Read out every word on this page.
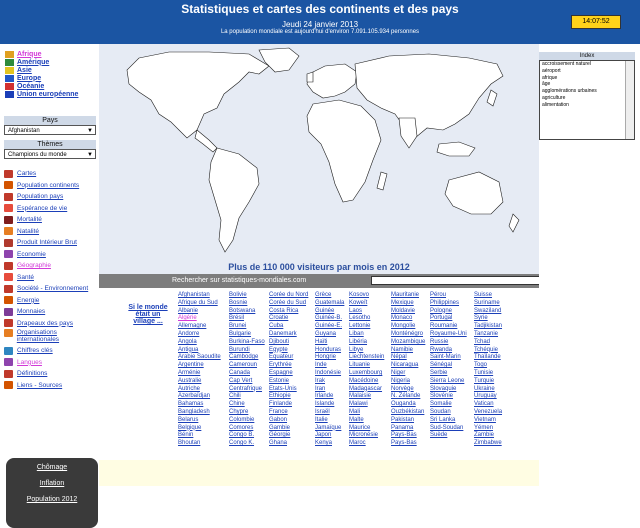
Statistiques et cartes des continents et des pays
Jeudi 24 janvier 2013
La population mondiale est aujourd'hui d'environ 7.091.105.934 personnes
14:07:52
Afrique
Amérique
Asie
Europe
Océanie
Union européenne
Pays
Afghanistan	▼
Thèmes
Champions du monde	▼
Cartes
Population continents
Population pays
Espérance de vie
Mortalité
Natalité
Produit Intérieur Brut
Economie
Géographie
Santé
Société - Environnement
Energie
Monnaies
Drapeaux des pays
Organisations internationales
Chiffres clés
Langues
Définitions
Liens - Sources
Chômage
Inflation
Population 2012
Plus de 110 000 visiteurs par mois en 2012
Rechercher sur statistiques-mondiales.com
Si le monde était un village ...
Afghanistan
Afrique du Sud
Albanie
Algérie
Allemagne
Andorre
Angola
Antigua
Arabie Saoudite
Argentine
Arménie
Australie
Autriche
Azerbaïdjan
Bahamas
Bangladesh
Belarus
Belgique
Bénin
Bhoutan
Bolivie
Bosnie
Botswana
Brésil
Brunei
Bulgarie
Burkina-Faso
Burundi
Cambodge
Cameroun
Canada
Cap Vert
Centrafrique
Chili
Chine
Chypre
Colombie
Comores
Congo B.
Congo K.
Corée du Nord
Corée du Sud
Costa Rica
Croatie
Cuba
Danemark
Djibouti
Egypte
Equateur
Erythrée
Espagne
Estonie
Etats-Unis
Ethiopie
Finlande
France
Gabon
Gambie
Géorgie
Ghana
Grèce
Guatemala
Guinée
Guinée-B.
Guinée-E.
Guyana
Haïti
Honduras
Hongrie
Inde
Indonésie
Irak
Iran
Irlande
Islande
Israël
Italie
Jamaïque
Japon
Kenya
Kosovo
Koweït
Laos
Lesotho
Lettonie
Liban
Libéria
Libye
Liechtenstein
Lituanie
Luxembourg
Macédoine
Madagascar
Malaisie
Malawi
Mali
Malte
Maurice
Micronésie
Maroc
Mauritanie
Mexique
Moldavie
Monaco
Mongolie
Monténégro
Mozambique
Namibie
Népal
Nicaragua
Niger
Nigeria
Norvège
N. Zélande
Ouganda
Ouzbékistan
Pakistan
Panama
Pays-Bas
Pays-Bas
Pérou
Philippines
Pologne
Portugal
Roumanie
Royaume-Uni
Russie
Rwanda
Saint-Marin
Sénégal
Serbie
Sierra Leone
Slovaquie
Slovénie
Somalie
Soudan
Sri Lanka
Sud-Soudan
Suède
Suisse
Suriname
Swaziland
Syrie
Tadjikistan
Tanzanie
Tchad
Tchéquie
Thaïlande
Togo
Tunisie
Turquie
Ukraine
Uruguay
Vatican
Venezuela
Vietnam
Yémen
Zambie
Zimbabwe
Index
accroissement naturel
aéroport
afrique
âge
agglomérations urbaines
agriculture
alimentation
